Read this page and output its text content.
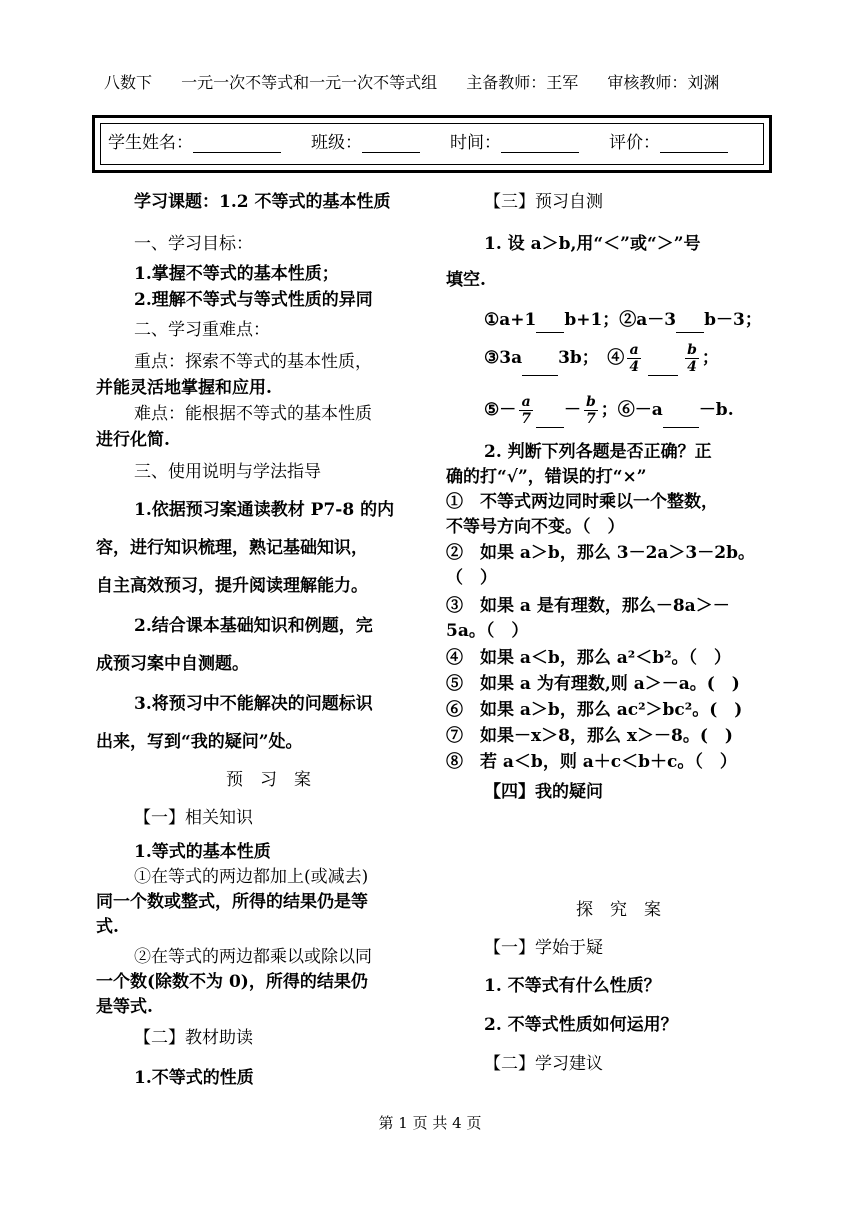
八数下 一元一次不等式和一元一次不等式组 主备教师：王军 审核教师：刘渊
学生姓名：	班级：	时间：	评价：
学习课题：1.2 不等式的基本性质
一、学习目标：
1.掌握不等式的基本性质；
2.理解不等式与等式性质的异同
二、学习重难点：
重点：探索不等式的基本性质，
并能灵活地掌握和应用.
难点：能根据不等式的基本性质
进行化简.
三、使用说明与学法指导
1.依据预习案通读教材 P7-8 的内
容，进行知识梳理，熟记基础知识，
自主高效预习，提升阅读理解能力。
2.结合课本基础知识和例题，完
成预习案中自测题。
3.将预习中不能解决的问题标识
出来，写到“我的疑问”处。
预　习　案
【一】相关知识
1.等式的基本性质
①在等式的两边都加上(或减去)
同一个数或整式，所得的结果仍是等
式.
②在等式的两边都乘以或除以同
一个数(除数不为 0)，所得的结果仍
是等式.
【二】教材助读
1.不等式的性质
【三】预习自测
1. 设 a＞b,用“＜”或“＞”号
填空.
①a+1 b+1；②a－3 b－3；
③3a 3b；　④ $\frac{a}{4}$	$\frac{b}{4}$ ；
⑤－ $\frac{a}{7} - \frac{b}{7}$ ；⑥－a －b.
2. 判断下列各题是否正确？正
确的打“√”，错误的打“×”
①　不等式两边同时乘以一个整数，
不等号方向不变。（　）
②　如果 a＞b，那么 3－2a＞3－2b。
（　）
③　如果 a 是有理数，那么－8a＞－
5a。（　）
④　如果 a＜b，那么 a²＜b²。（　）
⑤　如果 a 为有理数,则 a＞－a。(　)
⑥　如果 a＞b，那么 ac²＞bc²。(　)
⑦　如果－x＞8，那么 x＞－8。(　)
⑧　若 a＜b，则 a＋c＜b＋c。（　）
【四】我的疑问
探　究　案
【一】学始于疑
1. 不等式有什么性质？
2. 不等式性质如何运用？
【二】学习建议
第 1 页 共 4 页
